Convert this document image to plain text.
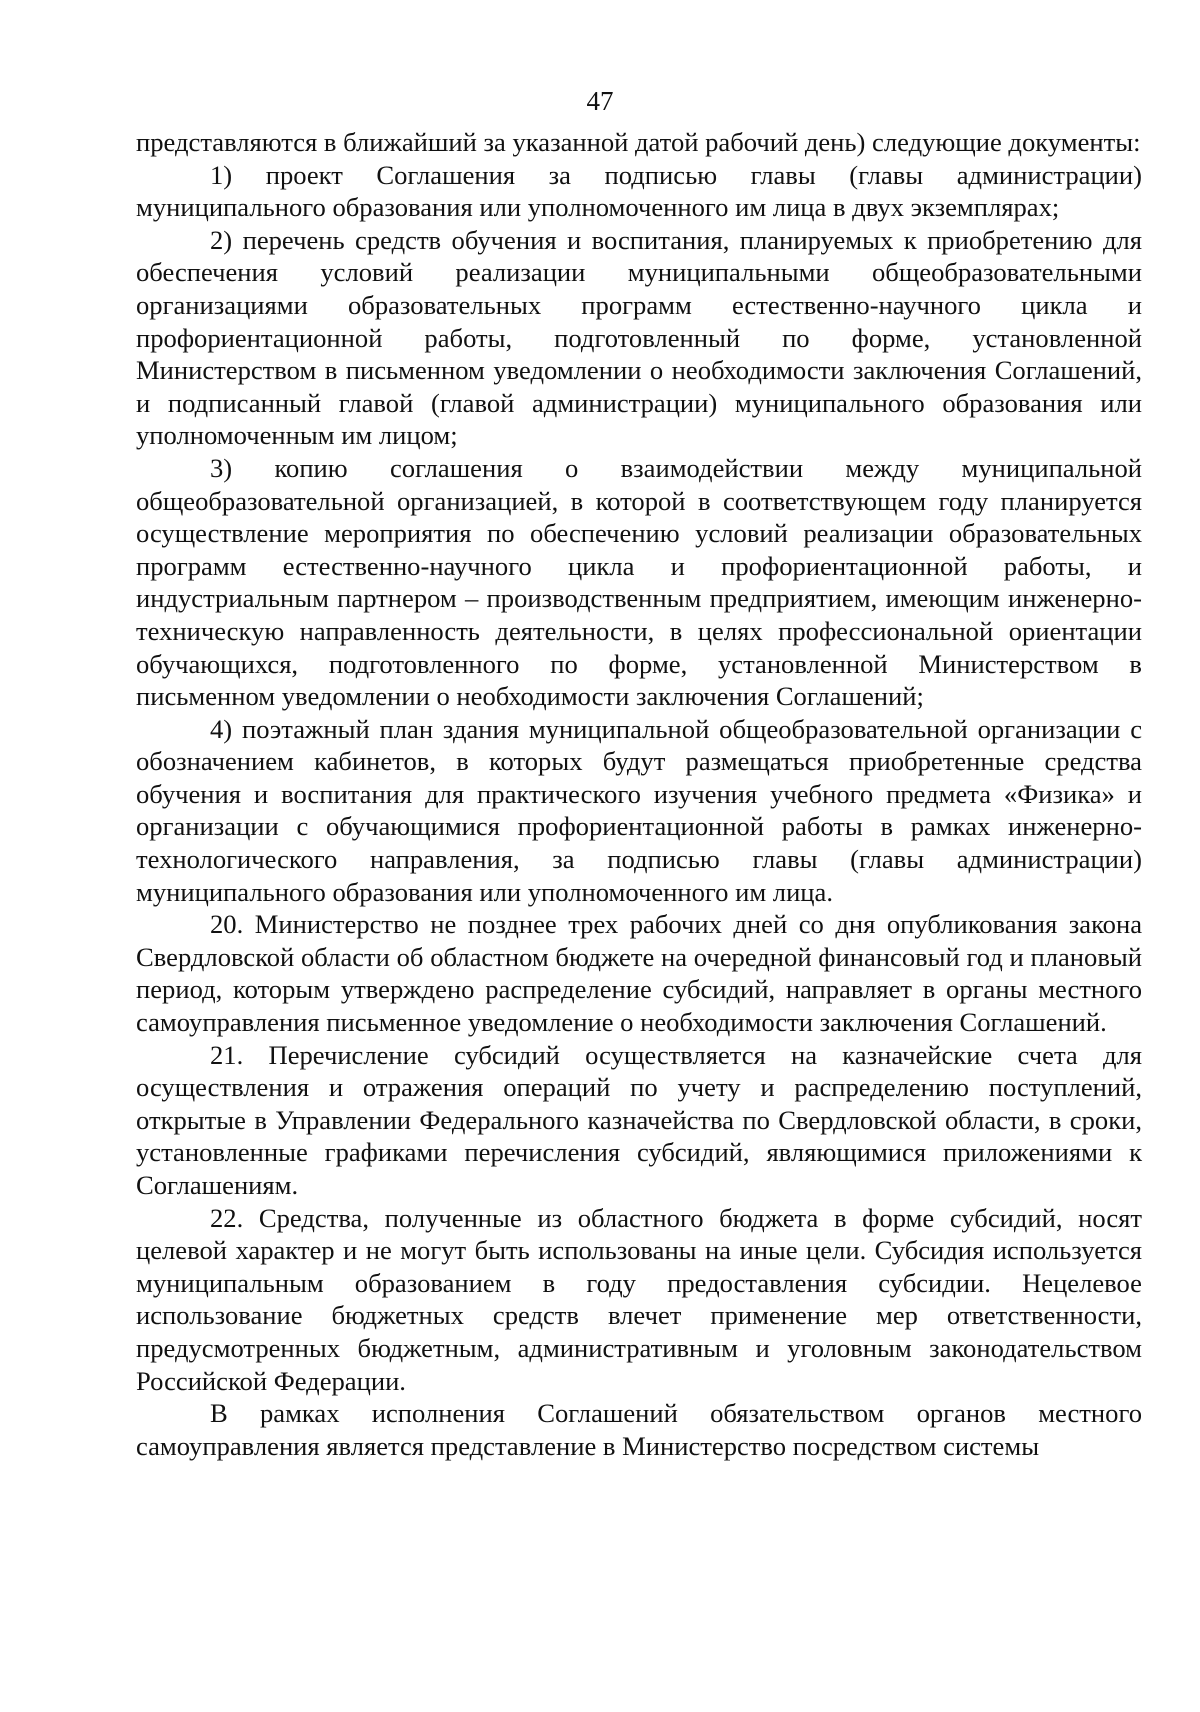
47

представляются в ближайший за указанной датой рабочий день) следующие документы:

1) проект Соглашения за подписью главы (главы администрации) муниципального образования или уполномоченного им лица в двух экземплярах;

2) перечень средств обучения и воспитания, планируемых к приобретению для обеспечения условий реализации муниципальными общеобразовательными организациями образовательных программ естественно-научного цикла и профориентационной работы, подготовленный по форме, установленной Министерством в письменном уведомлении о необходимости заключения Соглашений, и подписанный главой (главой администрации) муниципального образования или уполномоченным им лицом;

3) копию соглашения о взаимодействии между муниципальной общеобразовательной организацией, в которой в соответствующем году планируется осуществление мероприятия по обеспечению условий реализации образовательных программ естественно-научного цикла и профориентационной работы, и индустриальным партнером – производственным предприятием, имеющим инженерно-техническую направленность деятельности, в целях профессиональной ориентации обучающихся, подготовленного по форме, установленной Министерством в письменном уведомлении о необходимости заключения Соглашений;

4) поэтажный план здания муниципальной общеобразовательной организации с обозначением кабинетов, в которых будут размещаться приобретенные средства обучения и воспитания для практического изучения учебного предмета «Физика» и организации с обучающимися профориентационной работы в рамках инженерно-технологического направления, за подписью главы (главы администрации) муниципального образования или уполномоченного им лица.

20. Министерство не позднее трех рабочих дней со дня опубликования закона Свердловской области об областном бюджете на очередной финансовый год и плановый период, которым утверждено распределение субсидий, направляет в органы местного самоуправления письменное уведомление о необходимости заключения Соглашений.

21. Перечисление субсидий осуществляется на казначейские счета для осуществления и отражения операций по учету и распределению поступлений, открытые в Управлении Федерального казначейства по Свердловской области, в сроки, установленные графиками перечисления субсидий, являющимися приложениями к Соглашениям.

22. Средства, полученные из областного бюджета в форме субсидий, носят целевой характер и не могут быть использованы на иные цели. Субсидия используется муниципальным образованием в году предоставления субсидии. Нецелевое использование бюджетных средств влечет применение мер ответственности, предусмотренных бюджетным, административным и уголовным законодательством Российской Федерации.

В рамках исполнения Соглашений обязательством органов местного самоуправления является представление в Министерство посредством системы
